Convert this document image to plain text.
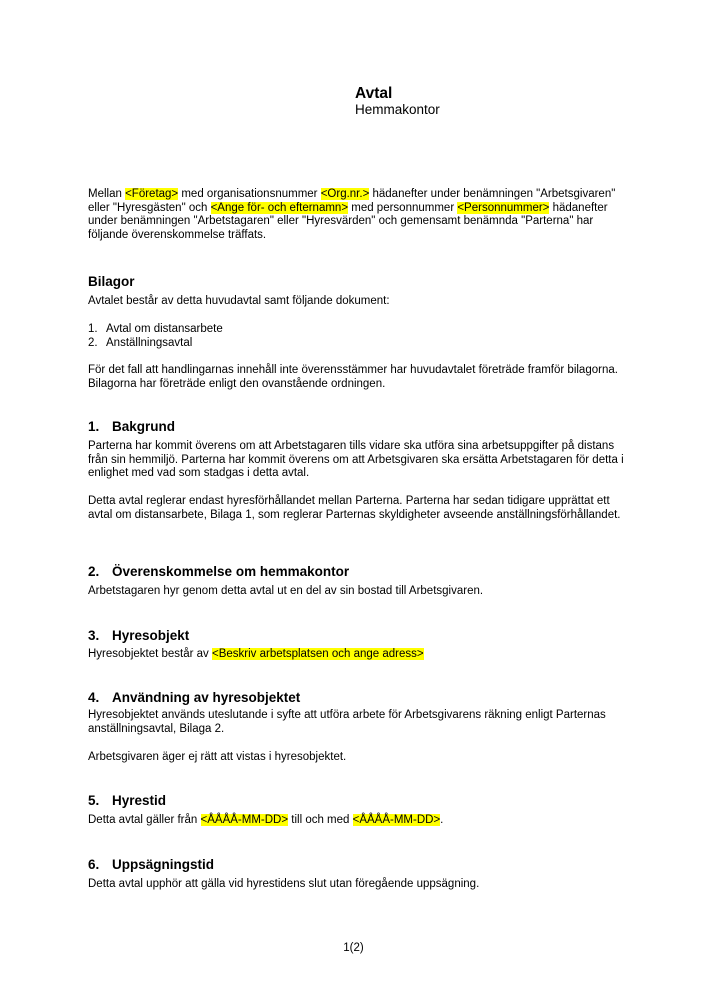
Avtal
Hemmakontor
Mellan <Företag> med organisationsnummer <Org.nr.> hädanefter under benämningen "Arbetsgivaren" eller "Hyresgästen" och <Ange för- och efternamn> med personnummer <Personnummer> hädanefter under benämningen "Arbetstagaren" eller "Hyresvärden" och gemensamt benämnda "Parterna" har följande överenskommelse träffats.
Bilagor
Avtalet består av detta huvudavtal samt följande dokument:
1. Avtal om distansarbete
2. Anställningsavtal
För det fall att handlingarnas innehåll inte överensstämmer har huvudavtalet företräde framför bilagorna. Bilagorna har företräde enligt den ovanstående ordningen.
1. Bakgrund
Parterna har kommit överens om att Arbetstagaren tills vidare ska utföra sina arbetsuppgifter på distans från sin hemmiljö. Parterna har kommit överens om att Arbetsgivaren ska ersätta Arbetstagaren för detta i enlighet med vad som stadgas i detta avtal.
Detta avtal reglerar endast hyresförhållandet mellan Parterna. Parterna har sedan tidigare upprättat ett avtal om distansarbete, Bilaga 1, som reglerar Parternas skyldigheter avseende anställningsförhållandet.
2. Överenskommelse om hemmakontor
Arbetstagaren hyr genom detta avtal ut en del av sin bostad till Arbetsgivaren.
3. Hyresobjekt
Hyresobjektet består av <Beskriv arbetsplatsen och ange adress>
4. Användning av hyresobjektet
Hyresobjektet används uteslutande i syfte att utföra arbete för Arbetsgivarens räkning enligt Parternas anställningsavtal, Bilaga 2.
Arbetsgivaren äger ej rätt att vistas i hyresobjektet.
5. Hyrestid
Detta avtal gäller från <ÅÅÅÅ-MM-DD> till och med <ÅÅÅÅ-MM-DD>.
6. Uppsägningstid
Detta avtal upphör att gälla vid hyrestidens slut utan föregående uppsägning.
1(2)
